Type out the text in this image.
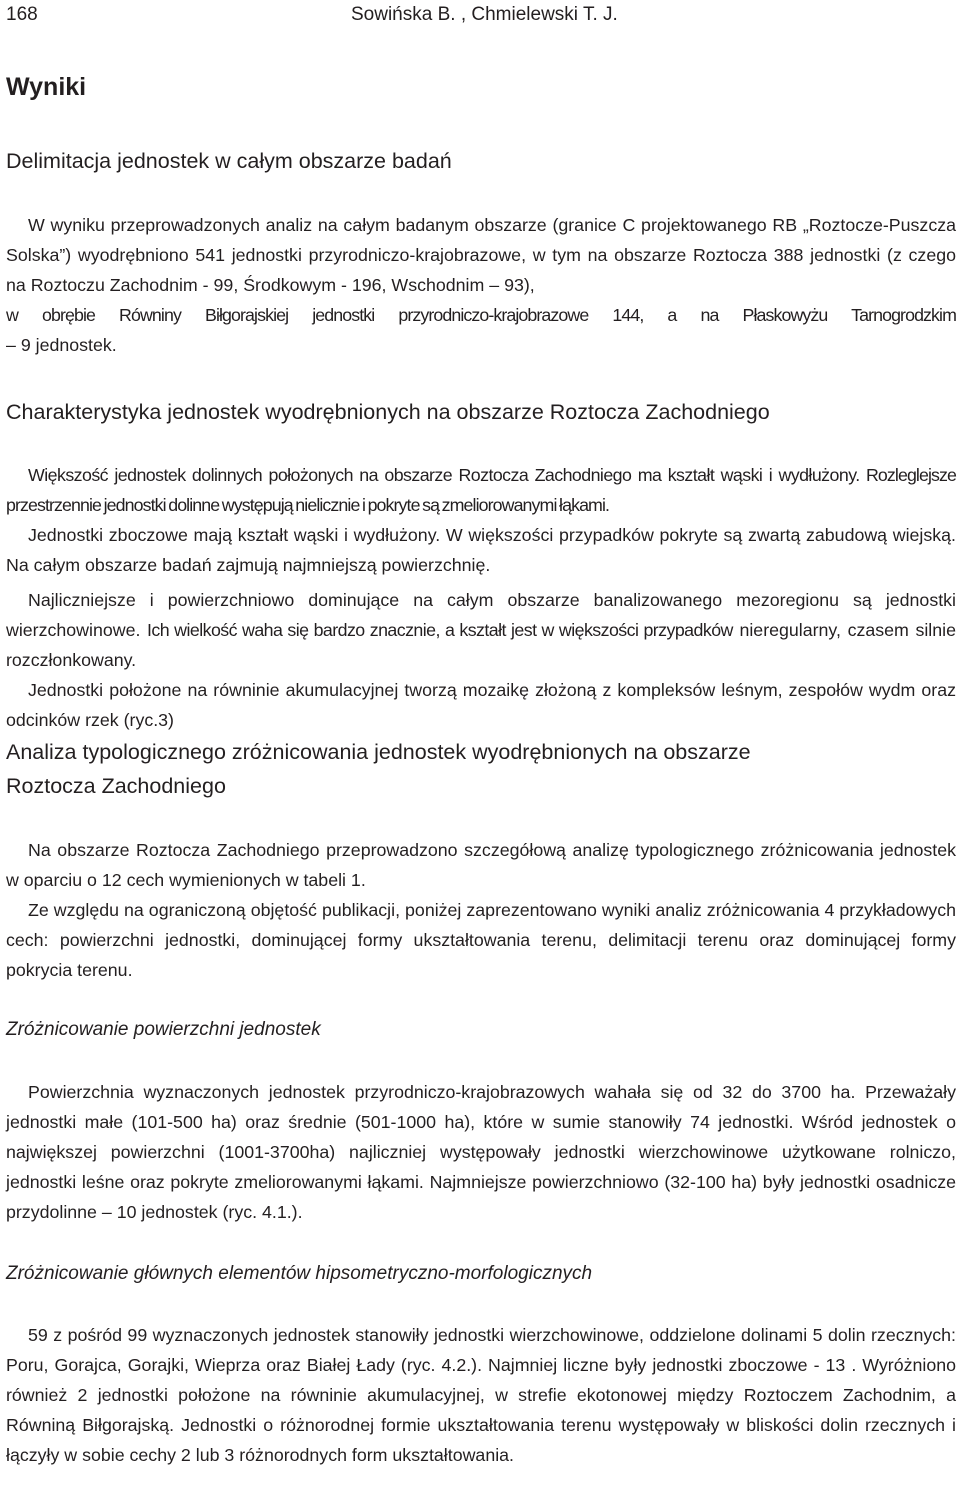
168	Sowińska B. , Chmielewski T. J.
Wyniki
Delimitacja jednostek w całym obszarze badań
W wyniku przeprowadzonych analiz na całym badanym obszarze (granice C projektowanego RB „Roztocze-Puszcza Solska”) wyodrębniono 541 jednostki przyrodniczo-krajobrazowe, w tym na obszarze Roztocza 388 jednostki (z czego na Roztoczu Zachodnim - 99, Środkowym - 196, Wschodnim – 93),
w obrębie Równiny Biłgorajskiej jednostki przyrodniczo-krajobrazowe 144, a na Płaskowyżu Tarnogrodzkim
– 9 jednostek.
Charakterystyka jednostek wyodrębnionych na obszarze Roztocza Zachodniego
Większość jednostek dolinnych położonych na obszarze Roztocza Zachodniego ma kształt wąski i wydłużony. Rozleglejsze przestrzennie jednostki dolinne występują nielicznie i pokryte są zmeliorowanymi łąkami.
Jednostki zboczowe mają kształt wąski i wydłużony. W większości przypadków pokryte są zwartą zabudową wiejską. Na całym obszarze badań zajmują najmniejszą powierzchnię.
Najliczniejsze i powierzchniowo dominujące na całym obszarze banalizowanego mezoregionu są jednostki wierzchowinowe. Ich wielkość waha się bardzo znacznie, a kształt jest w większości przypadków nieregularny, czasem silnie rozczłonkowany.
Jednostki położone na równinie akumulacyjnej tworzą mozaikę złożoną z kompleksów leśnym, zespołów wydm oraz odcinków rzek (ryc.3)
Analiza typologicznego zróżnicowania jednostek wyodrębnionych na obszarze
Roztocza Zachodniego
Na obszarze Roztocza Zachodniego przeprowadzono szczegółową analizę typologicznego zróżnicowania jednostek w oparciu o 12 cech wymienionych w tabeli 1.
Ze względu na ograniczoną objętość publikacji, poniżej zaprezentowano wyniki analiz zróżnicowania 4 przykładowych cech: powierzchni jednostki, dominującej formy ukształtowania terenu, delimitacji terenu oraz dominującej formy pokrycia terenu.
Zróżnicowanie powierzchni jednostek
Powierzchnia wyznaczonych jednostek przyrodniczo-krajobrazowych wahała się od 32 do 3700 ha. Przeważały jednostki małe (101-500 ha) oraz średnie (501-1000 ha), które w sumie stanowiły 74 jednostki. Wśród jednostek o największej powierzchni (1001-3700ha) najliczniej występowały jednostki wierzchowinowe użytkowane rolniczo, jednostki leśne oraz pokryte zmeliorowanymi łąkami. Najmniejsze powierzchniowo (32-100 ha) były jednostki osadnicze przydolinne – 10 jednostek (ryc. 4.1.).
Zróżnicowanie głównych elementów hipsometryczno-morfologicznych
59 z pośród 99 wyznaczonych jednostek stanowiły jednostki wierzchowinowe, oddzielone dolinami 5 dolin rzecznych: Poru, Gorajca, Gorajki, Wieprza oraz Białej Łady (ryc. 4.2.). Najmniej liczne były jednostki zboczowe - 13 . Wyróżniono również 2 jednostki położone na równinie akumulacyjnej, w strefie ekotonowej między Roztoczem Zachodnim, a Równiną Biłgorajską. Jednostki o różnorodnej formie ukształtowania terenu występowały w bliskości dolin rzecznych i łączyły w sobie cechy 2 lub 3 różnorodnych form ukształtowania.
